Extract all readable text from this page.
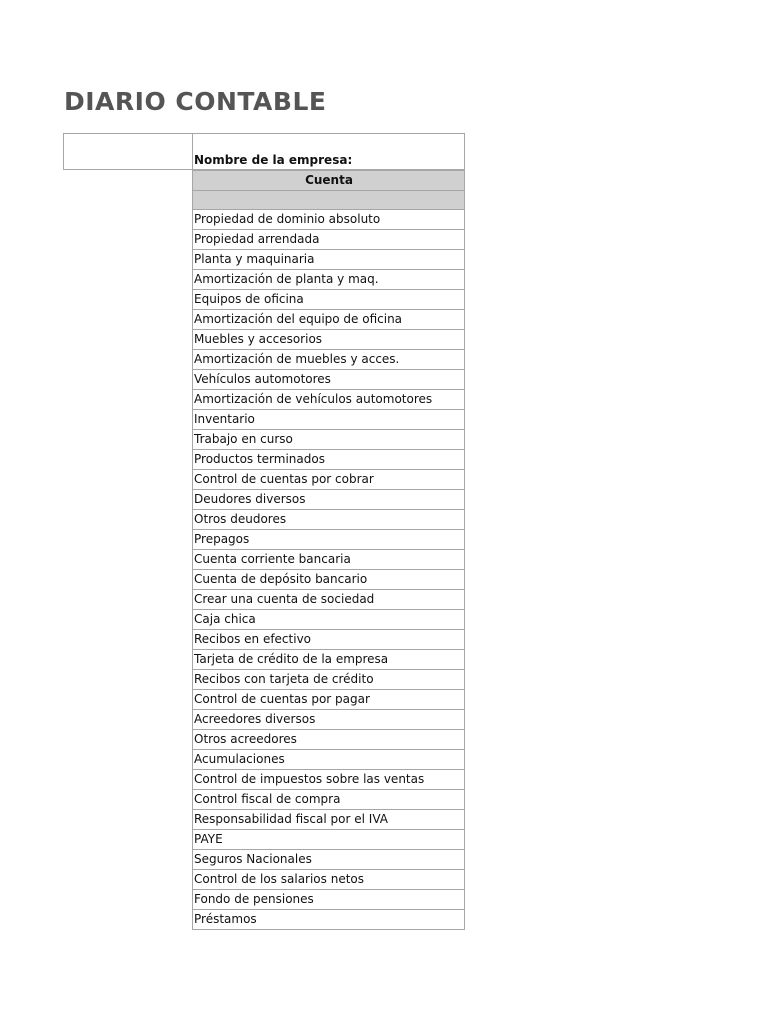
DIARIO CONTABLE
Nombre de la empresa:
Cuenta

Propiedad de dominio absoluto
Propiedad arrendada
Planta y maquinaria
Amortización de planta y maq.
Equipos de oficina
Amortización del equipo de oficina
Muebles y accesorios
Amortización de muebles y acces.
Vehículos automotores
Amortización de vehículos automotores
Inventario
Trabajo en curso
Productos terminados
Control de cuentas por cobrar
Deudores diversos
Otros deudores
Prepagos
Cuenta corriente bancaria
Cuenta de depósito bancario
Crear una cuenta de sociedad
Caja chica
Recibos en efectivo
Tarjeta de crédito de la empresa
Recibos con tarjeta de crédito
Control de cuentas por pagar
Acreedores diversos
Otros acreedores
Acumulaciones
Control de impuestos sobre las ventas
Control fiscal de compra
Responsabilidad fiscal por el IVA
PAYE
Seguros Nacionales
Control de los salarios netos
Fondo de pensiones
Préstamos
